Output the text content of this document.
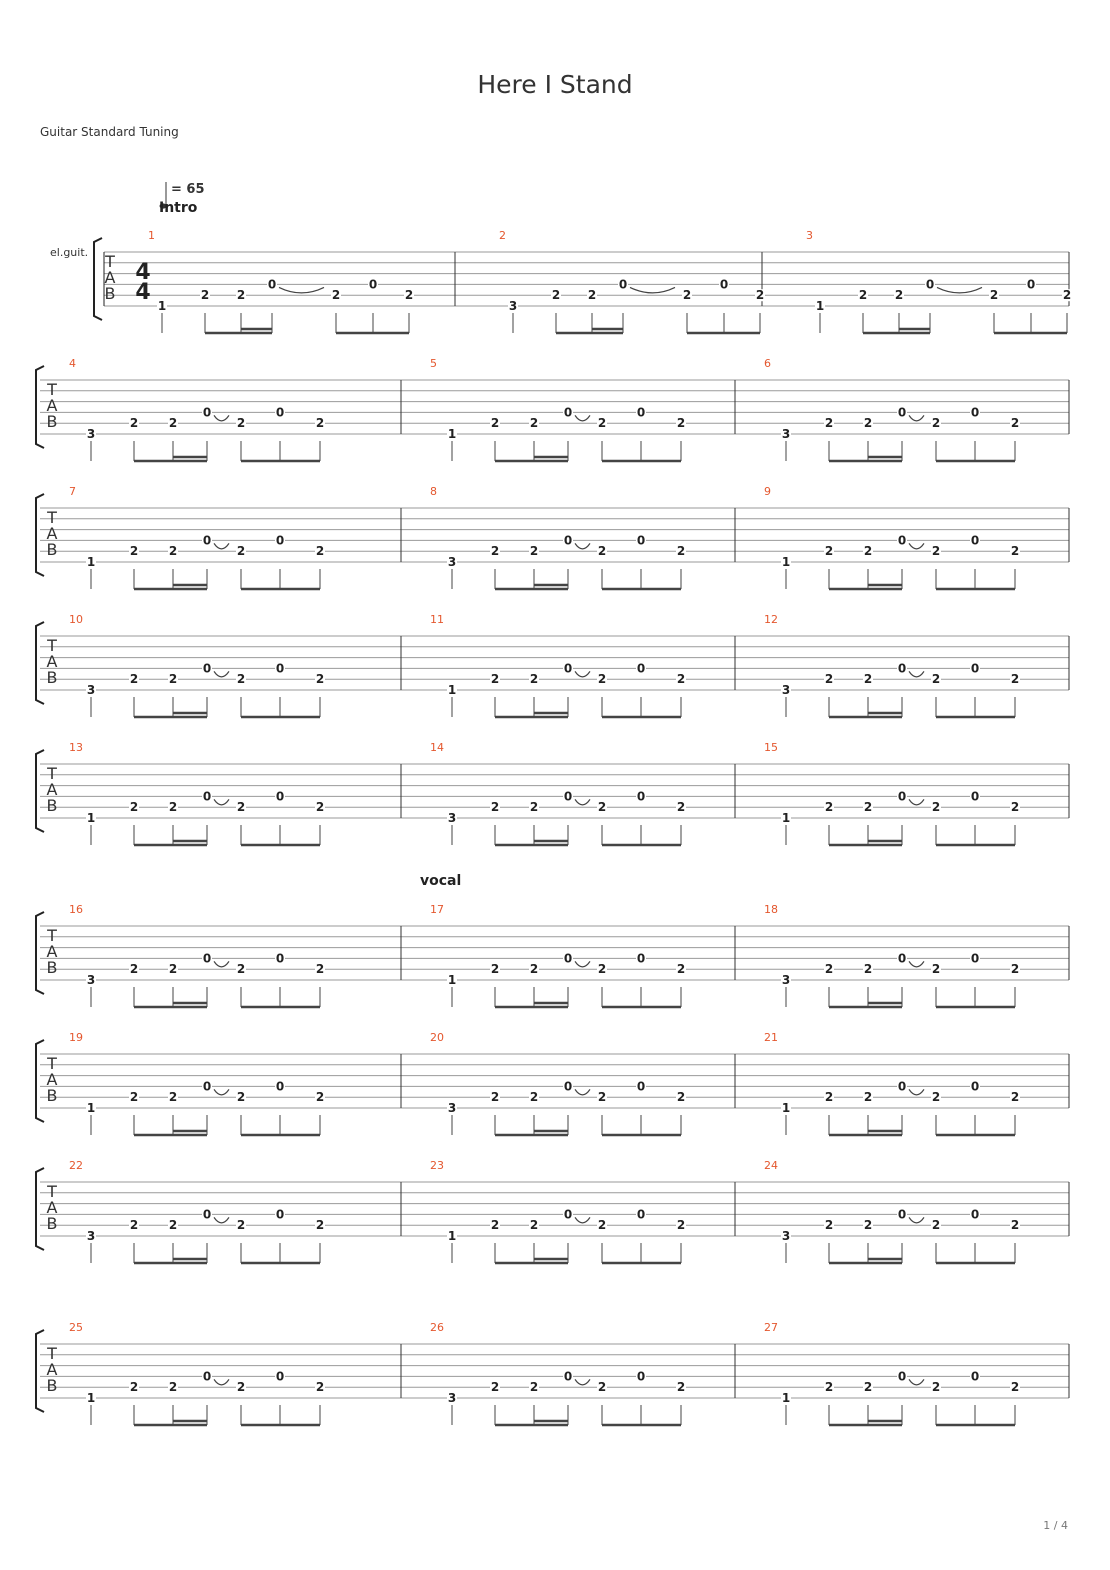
Here I Stand
Guitar Standard Tuning
= 65
el.guit. T
A
B
4
4
1
Intro
1
2 2
0
2
0
2
2
3
2 2
0
2
0
2
3
1
2 2
0
2
0
2
T
A
B
4
3
2	2
0
2
0
2
5
1
2	2
0
2
0
2
6
3
2	2
0
2
0
2
T
A
B
7
1
2	2
0
2
0
2
8
3
2	2
0
2
0
2
9
1
2	2
0
2
0
2
T
A
B
10
3
2	2
0
2
0
2
11
1
2	2
0
2
0
2
12
3
2	2
0
2
0
2
T
A
B
13
1
2	2
0
2
0
2
14
3
2	2
0
2
0
2
15
1
2	2
0
2
0
2
T
A
B
16
3
2	2
0
2
0
2
17
vocal
1
2	2
0
2
0
2
18
3
2	2
0
2
0
2
T
A
B
19
1
2	2
0
2
0
2
20
3
2	2
0
2
0
2
21
1
2	2
0
2
0
2
T
A
B
22
3
2	2
0
2
0
2
23
1
2	2
0
2
0
2
24
3
2	2
0
2
0
2
T
A
B
25
1
2	2
0
2
0
2
26
3
2	2
0
2
0
2
27
1
2	2
0
2
0
2
1 / 4
